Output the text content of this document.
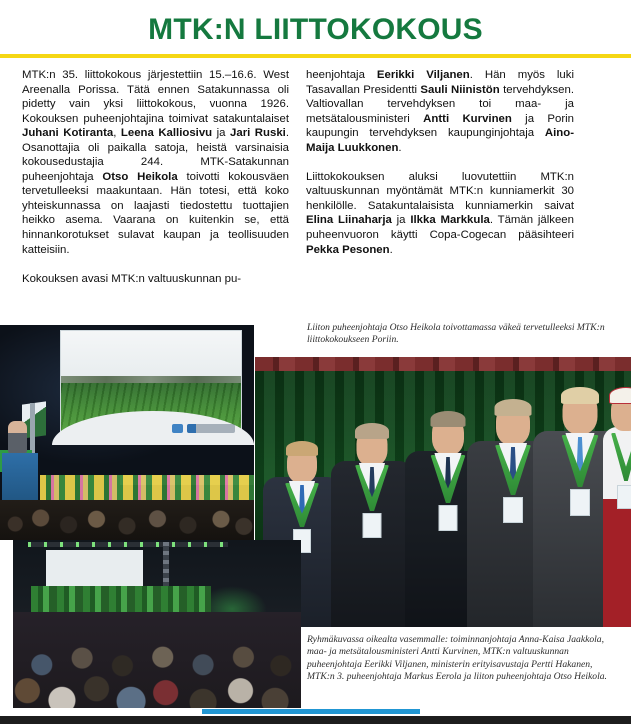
MTK:N LIITTOKOKOUS

MTK:n 35. liittokokous järjestettiin 15.–16.6. West Areenalla Porissa. Tätä ennen Satakunnassa oli pidetty vain yksi liittokokous, vuonna 1926. Kokouksen puheenjohtajina toimivat satakuntalaiset Juhani Kotiranta, Leena Kalliosivu ja Jari Ruski. Osanottajia oli paikalla satoja, heistä varsinaisia kokousedustajia 244. MTK-Satakunnan puheenjohtaja Otso Heikola toivotti kokousväen tervetulleeksi maakuntaan. Hän totesi, että koko yhteiskunnassa on laajasti tiedostettu tuottajien heikko asema. Vaarana on kuitenkin se, että hinnankorotukset sulavat kaupan ja teollisuuden katteisiin.

Kokouksen avasi MTK:n valtuuskunnan pu-

heenjohtaja Eerikki Viljanen. Hän myös luki Tasavallan Presidentti Sauli Niinistön tervehdyksen. Valtiovallan tervehdyksen toi maa- ja metsätalousministeri Antti Kurvinen ja Porin kaupungin tervehdyksen kaupunginjohtaja Aino-Maija Luukkonen.

Liittokokouksen aluksi luovutettiin MTK:n valtuuskunnan myöntämät MTK:n kunniamerkit 30 henkilölle. Satakuntalaisista kunniamerkin saivat Elina Liinaharja ja Ilkka Markkula. Tämän jälkeen puheenvuoron käytti Copa-Cogecan pääsihteeri Pekka Pesonen.

Liiton puheenjohtaja Otso Heikola toivottamassa väkeä tervetulleeksi MTK:n liittokokoukseen Poriin.
Ryhmäkuvassa oikealta vasemmalle: toiminnanjohtaja Anna-Kaisa Jaakkola, maa- ja metsätalousministeri Antti Kurvinen, MTK:n valtuuskunnan puheenjohtaja Eerikki Viljanen, ministerin erityisavustaja Pertti Hakanen, MTK:n 3. puheenjohtaja Markus Eerola ja liiton puheenjohtaja Otso Heikola.
